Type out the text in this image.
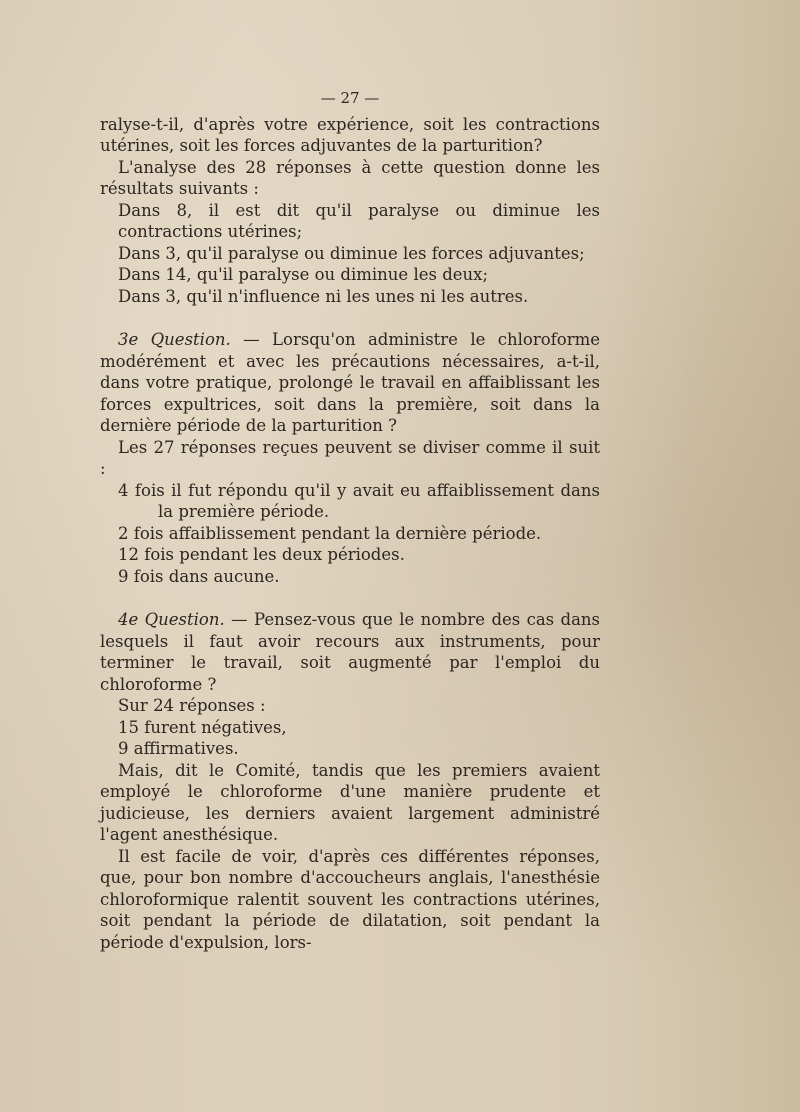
— 27 —

ralyse-t-il, d'après votre expérience, soit les contractions utérines, soit les forces adjuvantes de la parturition?

L'analyse des 28 réponses à cette question donne les résultats suivants :

Dans 8, il est dit qu'il paralyse ou diminue les contractions utérines;

Dans 3, qu'il paralyse ou diminue les forces adjuvantes;

Dans 14, qu'il paralyse ou diminue les deux;

Dans 3, qu'il n'influence ni les unes ni les autres.

3e Question. — Lorsqu'on administre le chloroforme modérément et avec les précautions nécessaires, a-t-il, dans votre pratique, prolongé le travail en affaiblissant les forces expultrices, soit dans la première, soit dans la dernière période de la parturition ?

Les 27 réponses reçues peuvent se diviser comme il suit :

4 fois il fut répondu qu'il y avait eu affaiblissement dans la première période.

2 fois affaiblissement pendant la dernière période.

12 fois pendant les deux périodes.

9 fois dans aucune.

4e Question. — Pensez-vous que le nombre des cas dans lesquels il faut avoir recours aux instruments, pour terminer le travail, soit augmenté par l'emploi du chloroforme ?

Sur 24 réponses :

15 furent négatives,

9 affirmatives.

Mais, dit le Comité, tandis que les premiers avaient employé le chloroforme d'une manière prudente et judicieuse, les derniers avaient largement administré l'agent anesthésique.

Il est facile de voir, d'après ces différentes réponses, que, pour bon nombre d'accoucheurs anglais, l'anesthésie chloroformique ralentit souvent les contractions utérines, soit pendant la période de dilatation, soit pendant la période d'expulsion, lors-
